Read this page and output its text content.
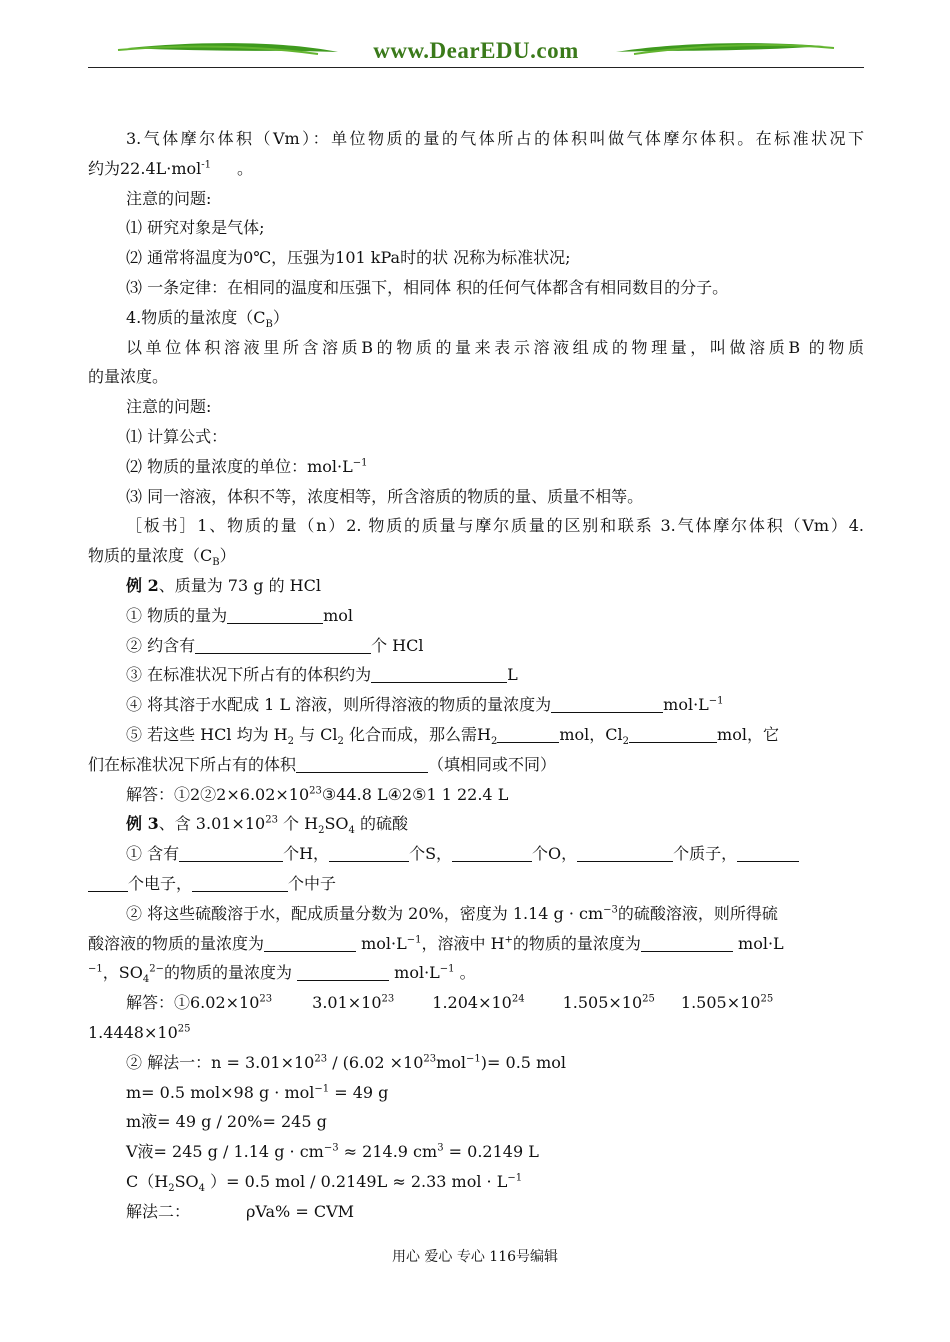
www.DearEDU.com
3.气体摩尔体积（Vm）：单位物质的量的气体所占的体积叫做气体摩尔体积。在标准状况下
约为22.4L·mol$^{-1}$ 。
注意的问题:
⑴ 研究对象是气体;
⑵ 通常将温度为0℃，压强为101 kPa时的状 况称为标准状况;
⑶ 一条定律：在相同的温度和压强下，相同体 积的任何气体都含有相同数目的分子。
4.物质的量浓度$(C_B)$
以单位体积溶液里所含溶质B的物质的量来表示溶液组成的物理量，叫做溶质B 的物质
的量浓度。
注意的问题:
⑴ 计算公式：
⑵ 物质的量浓度的单位：$mol\cdot L^{-1}$
⑶ 同一溶液，体积不等，浓度相等，所含溶质的物质的量、质量不相等。
［板书］1、物质的量（n）2. 物质的质量与摩尔质量的区别和联系 3.气体摩尔体积（Vm）4.
物质的量浓度$(C_B)$
例 2、质量为 73 g 的 HCl
① 物质的量为	mol
② 约含有	个 HCl
③ 在标准状况下所占有的体积约为	L
④ 将其溶于水配成 1 L 溶液，则所得溶液的物质的量浓度为	$mol\cdot L^{-1}$
⑤ 若这些 HCl 均为 $H_2$ 与 $Cl_2$ 化合而成，那么需$H_2$	mol，$Cl_2$	mol，它
们在标准状况下所占有的体积	（填相同或不同）
解答：$①2②2\times 6.02\times 10^{23}③44.8$ L④2⑤1 1 22.4 L
例 3、含 $3.01\times 10^{23}$ 个 $H_2SO_4$ 的硫酸
① 含有	个H，	个S，	个O，	个质子，
个电子，	个中子
② 将这些硫酸溶于水，配成质量分数为 20%，密度为 1.14 $g \cdot cm^{-3}$的硫酸溶液，则所得硫
酸溶液的物质的量浓度为	$mol\cdot L^{-1}$，溶液中 H+的物质的量浓度为	mol·L
$^{-1}$，$SO_4^{2-}$的物质的量浓度为	$mol\cdot L^{-1}$ 。
解答：$①6.02\times 10^{23}$	$3.01\times 10^{23}$ $1.204\times 10^{24}$ $1.505\times 10^{25}$ $1.505\times 10^{25}$
$1.4448\times 10^{25}$
② 解法一：$n = 3.01\times 10^{23} / (6.02 \times 10^{23}mol^{-1})= 0.5$ mol
m= 0.5 mol×98 g · mol$^{-1}$ = 49 g
m液= 49 g / 20%= 245 g
V液= 245 g / 1.14 $g \cdot cm^{-3} \approx 214.9$ $cm^3 = 0.2149$ L
$C(H_2SO_4$ ）= 0.5 mol / 0.2149L ≈ 2.33 mol · $L^{-1}$
解法二：	ρVa% = CVM
用心 爱心 专心 116号编辑
